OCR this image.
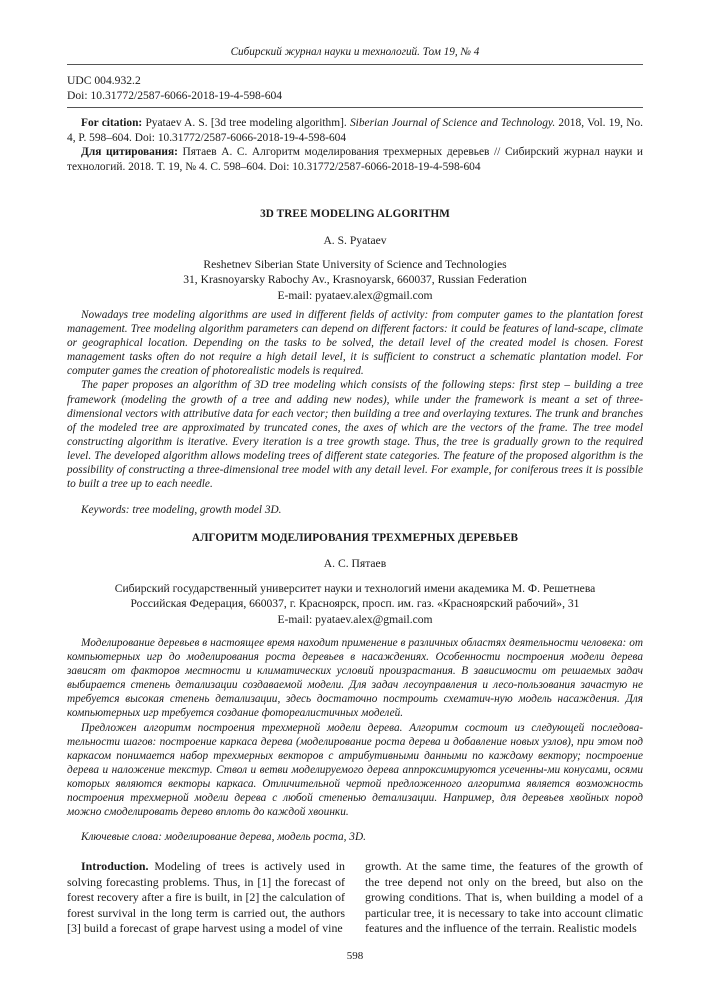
Сибирский журнал науки и технологий. Том 19, № 4
UDC 004.932.2
Doi: 10.31772/2587-6066-2018-19-4-598-604

For citation: Pyataev A. S. [3d tree modeling algorithm]. Siberian Journal of Science and Technology. 2018, Vol. 19, No. 4, P. 598–604. Doi: 10.31772/2587-6066-2018-19-4-598-604

Для цитирования: Пятаев А. С. Алгоритм моделирования трехмерных деревьев // Сибирский журнал науки и технологий. 2018. Т. 19, № 4. С. 598–604. Doi: 10.31772/2587-6066-2018-19-4-598-604

3D TREE MODELING ALGORITHM
A. S. Pyataev
Reshetnev Siberian State University of Science and Technologies
31, Krasnoyarsky Rabochy Av., Krasnoyarsk, 660037, Russian Federation
E-mail: pyataev.alex@gmail.com

Nowadays tree modeling algorithms are used in different fields of activity: from computer games to the plantation forest management. Tree modeling algorithm parameters can depend on different factors: it could be features of land-scape, climate or geographical location. Depending on the tasks to be solved, the detail level of the created model is chosen. Forest management tasks often do not require a high detail level, it is sufficient to construct a schematic plantation model. For computer games the creation of photorealistic models is required.

The paper proposes an algorithm of 3D tree modeling which consists of the following steps: first step – building a tree framework (modeling the growth of a tree and adding new nodes), while under the framework is meant a set of three-dimensional vectors with attributive data for each vector; then building a tree and overlaying textures. The trunk and branches of the modeled tree are approximated by truncated cones, the axes of which are the vectors of the frame. The tree model constructing algorithm is iterative. Every iteration is a tree growth stage. Thus, the tree is gradually grown to the required level. The developed algorithm allows modeling trees of different state categories. The feature of the proposed algorithm is the possibility of constructing a three-dimensional tree model with any detail level. For example, for coniferous trees it is possible to built a tree up to each needle.

Keywords: tree modeling, growth model 3D.
АЛГОРИТМ МОДЕЛИРОВАНИЯ ТРЕХМЕРНЫХ ДЕРЕВЬЕВ
А. С. Пятаев
Сибирский государственный университет науки и технологий имени академика М. Ф. Решетнева
Российская Федерация, 660037, г. Красноярск, просп. им. газ. «Красноярский рабочий», 31
E-mail: pyataev.alex@gmail.com

Моделирование деревьев в настоящее время находит применение в различных областях деятельности человека: от компьютерных игр до моделирования роста деревьев в насаждениях. Особенности построения модели дерева зависят от факторов местности и климатических условий произрастания. В зависимости от решаемых задач выбирается степень детализации создаваемой модели. Для задач лесоуправления и лесо-пользования зачастую не требуется высокая степень детализации, здесь достаточно построить схематич-ную модель насаждения. Для компьютерных игр требуется создание фотореалистичных моделей.

Предложен алгоритм построения трехмерной модели дерева. Алгоритм состоит из следующей последова-тельности шагов: построение каркаса дерева (моделирование роста дерева и добавление новых узлов), при этом под каркасом понимается набор трехмерных векторов с атрибутивными данными по каждому вектору; построение дерева и наложение текстур. Ствол и ветви моделируемого дерева аппроксимируются усеченны-ми конусами, осями которых являются векторы каркаса. Отличительной чертой предложенного алгоритма является возможность построения трехмерной модели дерева с любой степенью детализации. Например, для деревьев хвойных пород можно смоделировать дерево вплоть до каждой хвоинки.

Ключевые слова: моделирование дерева, модель роста, 3D.

Introduction. Modeling of trees is actively used in solving forecasting problems. Thus, in [1] the forecast of forest recovery after a fire is built, in [2] the calculation of forest survival in the long term is carried out, the authors [3] build a forecast of grape harvest using a model of vine

growth. At the same time, the features of the growth of the tree depend not only on the breed, but also on the growing conditions. That is, when building a model of a particular tree, it is necessary to take into account climatic features and the influence of the terrain. Realistic models

598
